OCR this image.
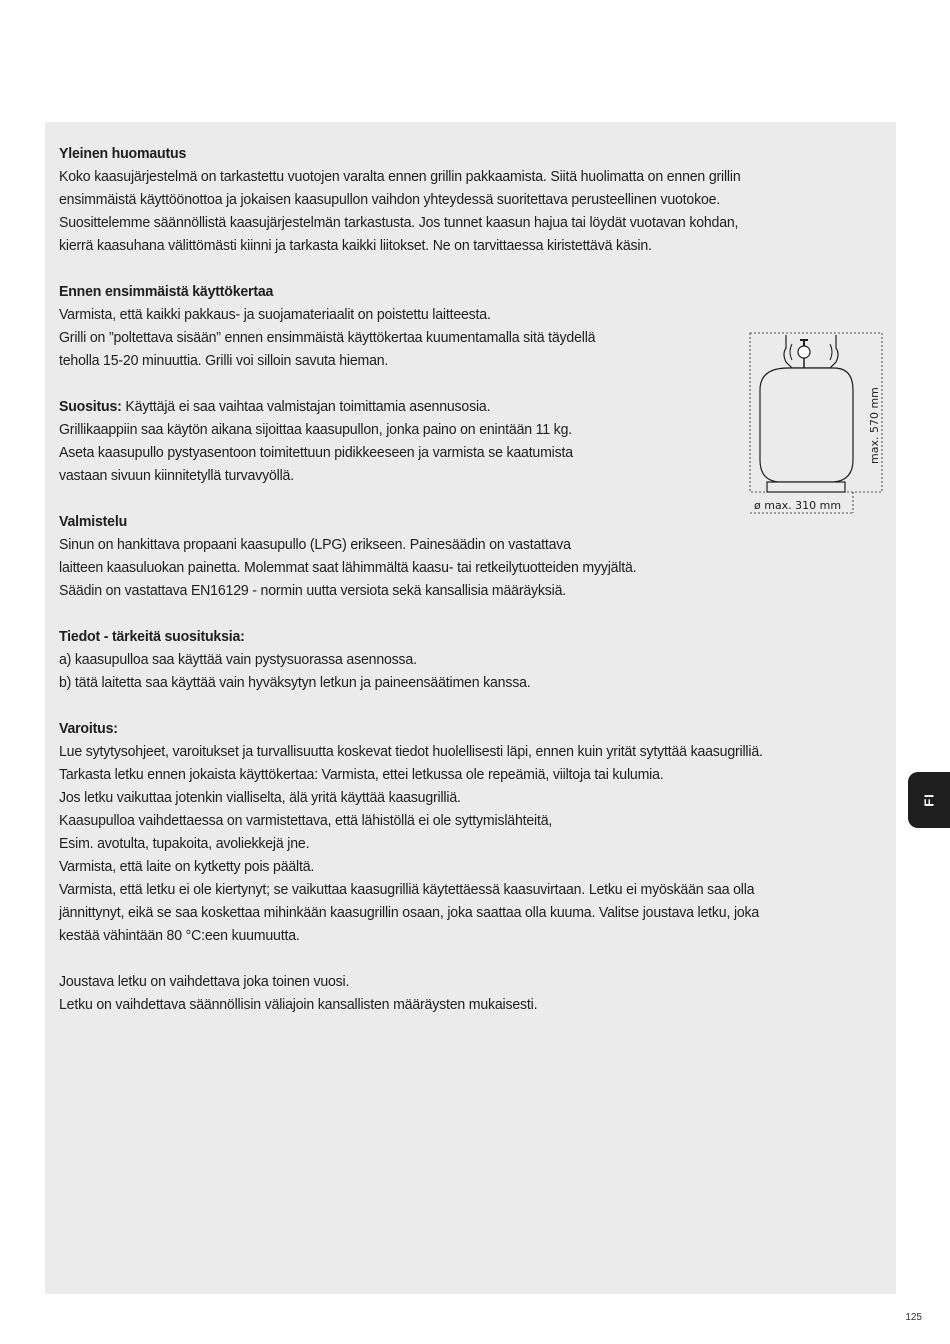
Yleinen huomautus

Koko kaasujärjestelmä on tarkastettu vuotojen varalta ennen grillin pakkaamista. Siitä huolimatta on ennen grillin

ensimmäistä käyttöönottoa ja jokaisen kaasupullon vaihdon yhteydessä suoritettava perusteellinen vuotokoe.

Suosittelemme säännöllistä kaasujärjestelmän tarkastusta. Jos tunnet kaasun hajua tai löydät vuotavan kohdan,

kierrä kaasuhana välittömästi kiinni ja tarkasta kaikki liitokset. Ne on tarvittaessa kiristettävä käsin.

Ennen ensimmäistä käyttökertaa

Varmista, että kaikki pakkaus- ja suojamateriaalit on poistettu laitteesta.

Grilli on ”poltettava sisään” ennen ensimmäistä käyttökertaa kuumentamalla sitä täydellä

teholla 15-20 minuuttia. Grilli voi silloin savuta hieman.

Suositus: Käyttäjä ei saa vaihtaa valmistajan toimittamia asennusosia.

Grillikaappiin saa käytön aikana sijoittaa kaasupullon, jonka paino on enintään 11 kg.

Aseta kaasupullo pystyasentoon toimitettuun pidikkeeseen ja varmista se kaatumista

vastaan sivuun kiinnitetyllä turvavyöllä.

Valmistelu

Sinun on hankittava propaani kaasupullo (LPG) erikseen. Painesäädin on vastattava

laitteen kaasuluokan painetta. Molemmat saat lähimmältä kaasu- tai retkeilytuotteiden myyjältä.

Säädin on vastattava EN16129 - normin uutta versiota sekä kansallisia määräyksiä.

Tiedot - tärkeitä suosituksia:

a) kaasupulloa saa käyttää vain pystysuorassa asennossa.

b) tätä laitetta saa käyttää vain hyväksytyn letkun ja paineensäätimen kanssa.

Varoitus:

Lue sytytysohjeet, varoitukset ja turvallisuutta koskevat tiedot huolellisesti läpi, ennen kuin yrität sytyttää kaasugrilliä.

Tarkasta letku ennen jokaista käyttökertaa: Varmista, ettei letkussa ole repeämiä, viiltoja tai kulumia.

Jos letku vaikuttaa jotenkin vialliselta, älä yritä käyttää kaasugrilliä.

Kaasupulloa vaihdettaessa on varmistettava, että lähistöllä ei ole syttymislähteitä,

Esim. avotulta, tupakoita, avoliekkejä jne.

Varmista, että laite on kytketty pois päältä.

Varmista, että letku ei ole kiertynyt; se vaikuttaa kaasugrilliä käytettäessä kaasuvirtaan. Letku ei myöskään saa olla

jännittynyt, eikä se saa koskettaa mihinkään kaasugrillin osaan, joka saattaa olla kuuma. Valitse joustava letku, joka

kestää vähintään 80 °C:een kuumuutta.

Joustava letku on vaihdettava joka toinen vuosi.

Letku on vaihdettava säännöllisin väliajoin kansallisten määräysten mukaisesti.

max. 570 mm
ø max. 310 mm
FI
125
